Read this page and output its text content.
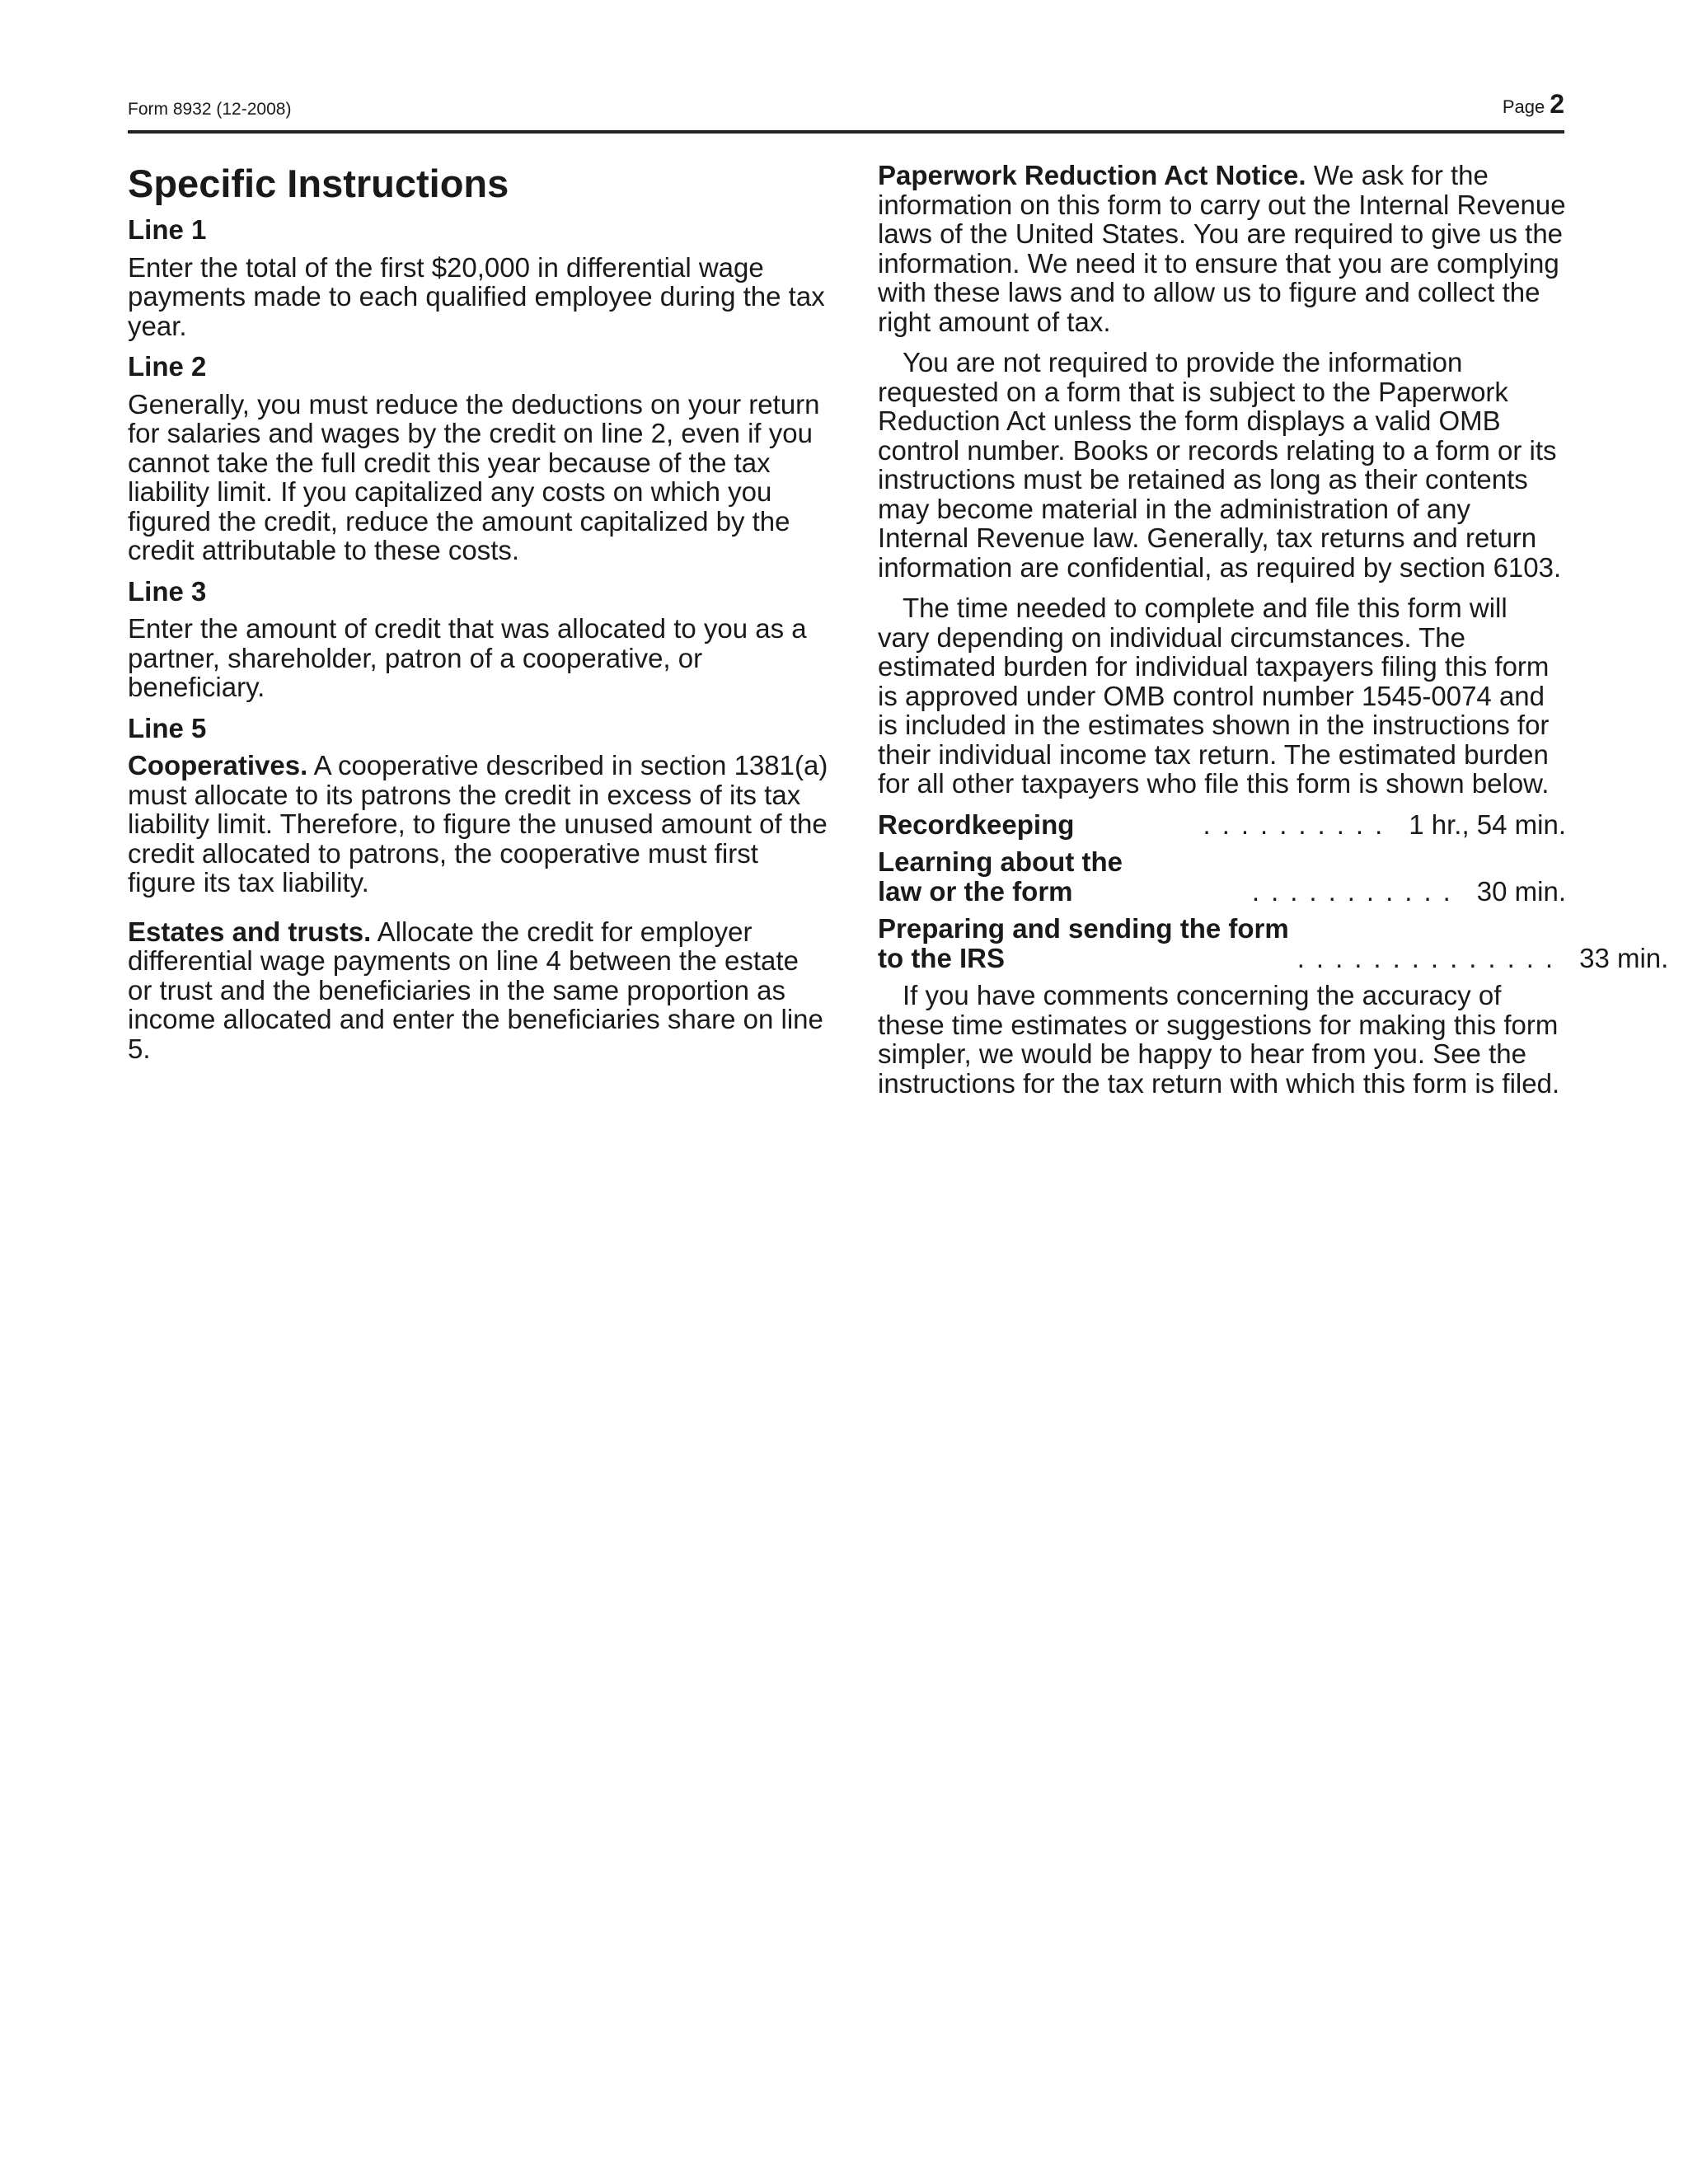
Form 8932 (12-2008)	Page 2
Specific Instructions
Line 1

Enter the total of the first $20,000 in differential wage payments made to each qualified employee during the tax year.

Line 2

Generally, you must reduce the deductions on your return for salaries and wages by the credit on line 2, even if you cannot take the full credit this year because of the tax liability limit. If you capitalized any costs on which you figured the credit, reduce the amount capitalized by the credit attributable to these costs.

Line 3

Enter the amount of credit that was allocated to you as a partner, shareholder, patron of a cooperative, or beneficiary.

Line 5

Cooperatives. A cooperative described in section 1381(a) must allocate to its patrons the credit in excess of its tax liability limit. Therefore, to figure the unused amount of the credit allocated to patrons, the cooperative must first figure its tax liability.

Estates and trusts. Allocate the credit for employer differential wage payments on line 4 between the estate or trust and the beneficiaries in the same proportion as income allocated and enter the beneficiaries share on line 5.

Paperwork Reduction Act Notice. We ask for the information on this form to carry out the Internal Revenue laws of the United States. You are required to give us the information. We need it to ensure that you are complying with these laws and to allow us to figure and collect the right amount of tax.

You are not required to provide the information requested on a form that is subject to the Paperwork Reduction Act unless the form displays a valid OMB control number. Books or records relating to a form or its instructions must be retained as long as their contents may become material in the administration of any Internal Revenue law. Generally, tax returns and return information are confidential, as required by section 6103.

The time needed to complete and file this form will vary depending on individual circumstances. The estimated burden for individual taxpayers filing this form is approved under OMB control number 1545-0074 and is included in the estimates shown in the instructions for their individual income tax return. The estimated burden for all other taxpayers who file this form is shown below.

Recordkeeping	.......... 1 hr., 54 min.
Learning about the
law or the form	........... 30 min.
Preparing and sending the form
to the IRS	.............. 33 min.

If you have comments concerning the accuracy of these time estimates or suggestions for making this form simpler, we would be happy to hear from you. See the instructions for the tax return with which this form is filed.
